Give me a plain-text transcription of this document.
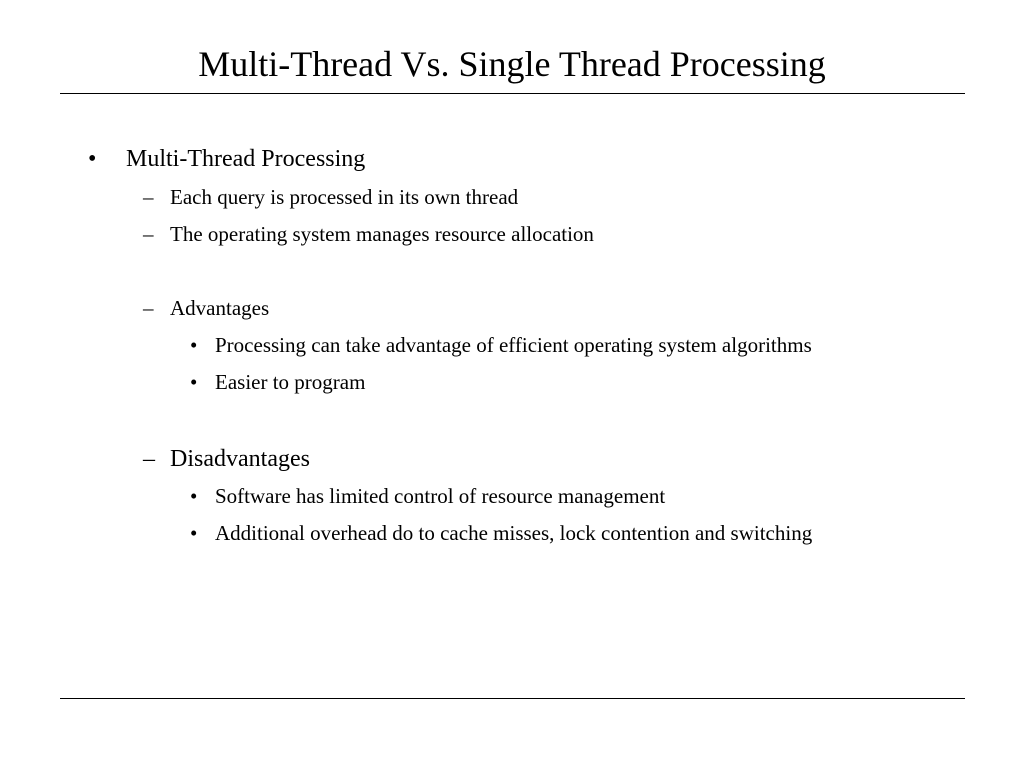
Multi-Thread Vs. Single Thread Processing
• Multi-Thread Processing
– Each query is processed in its own thread
– The operating system manages resource allocation
– Advantages
• Processing can take advantage of efficient operating system algorithms
• Easier to program
– Disadvantages
• Software has limited control of resource management
• Additional overhead do to cache misses, lock contention and switching
